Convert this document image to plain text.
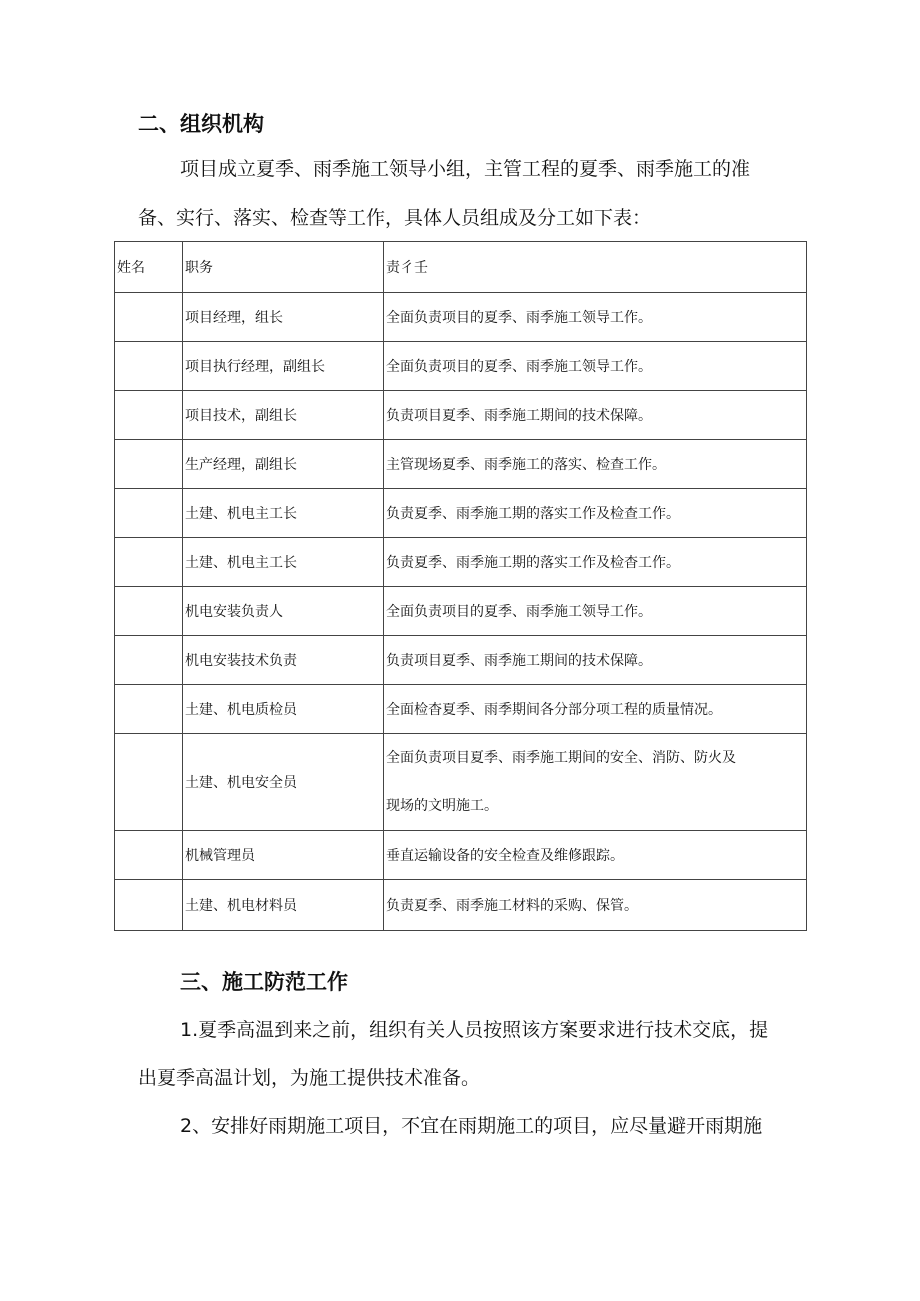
二、组织机构

项目成立夏季、雨季施工领导小组，主管工程的夏季、雨季施工的准

备、实行、落实、检查等工作，具体人员组成及分工如下表：

姓名	职务	责彳壬
	项目经理，组长	全面负责项目的夏季、雨季施工领导工作。
	项目执行经理，副组长	全面负责项目的夏季、雨季施工领导工作。
	项目技术，副组长	负责项目夏季、雨季施工期间的技术保障。
	生产经理，副组长	主管现场夏季、雨季施工的落实、检查工作。
	土建、机电主工长	负责夏季、雨季施工期的落实工作及检查工作。
	土建、机电主工长	负责夏季、雨季施工期的落实工作及检杳工作。
	机电安装负责人	全面负责项目的夏季、雨季施工领导工作。
	机电安装技术负责	负责项目夏季、雨季施工期间的技术保障。
	土建、机电质检员	全面检杳夏季、雨季期间各分部分项工程的质量情况。
	土建、机电安全员	全面负责项目夏季、雨季施工期间的安全、消防、防火及
现场的文明施工。

	机械管理员	垂直运输设备的安全检查及维修跟踪。
	土建、机电材料员	负责夏季、雨季施工材料的采购、保管。
三、施工防范工作

1.夏季高温到来之前，组织有关人员按照该方案要求进行技术交底，提

出夏季高温计划，为施工提供技术准备。

2、安排好雨期施工项目，不宜在雨期施工的项目，应尽量避开雨期施
